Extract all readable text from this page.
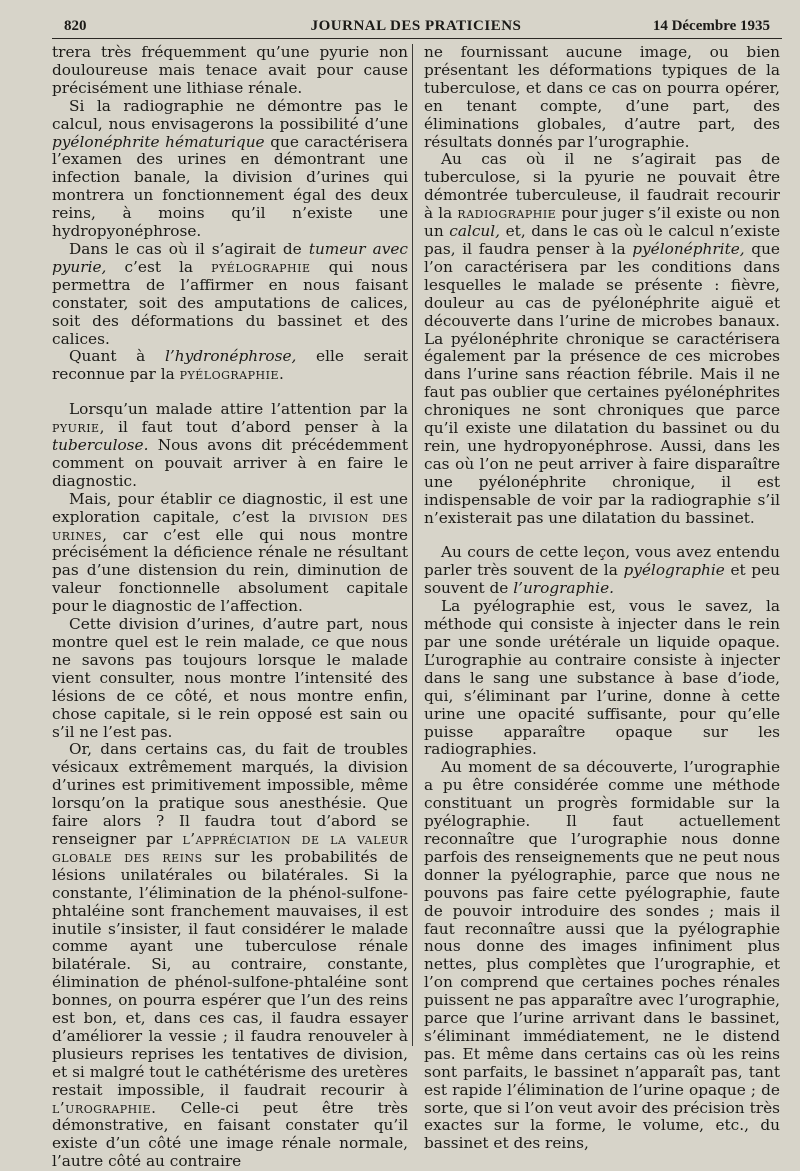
820	JOURNAL DES PRATICIENS	14 Décembre 1935

trera très fréquemment qu’une pyurie non douloureuse mais tenace avait pour cause précisément une lithiase rénale.

Si la radiographie ne démontre pas le calcul, nous envisagerons la possibilité d’une pyélonéphrite hématurique que caractérisera l’examen des urines en démontrant une infection banale, la division d’urines qui montrera un fonctionnement égal des deux reins, à moins qu’il n’existe une hydropyonéphrose.

Dans le cas où il s’agirait de tumeur avec pyurie, c’est la pyélographie qui nous permettra de l’affirmer en nous faisant constater, soit des amputations de calices, soit des déformations du bassinet et des calices.

Quant à l’hydronéphrose, elle serait reconnue par la pyélographie.

Lorsqu’un malade attire l’attention par la pyurie, il faut tout d’abord penser à la tuberculose. Nous avons dit précédemment comment on pouvait arriver à en faire le diagnostic.

Mais, pour établir ce diagnostic, il est une exploration capitale, c’est la division des urines, car c’est elle qui nous montre précisément la déficience rénale ne résultant pas d’une distension du rein, diminution de valeur fonctionnelle absolument capitale pour le diagnostic de l’affection.

Cette division d’urines, d’autre part, nous montre quel est le rein malade, ce que nous ne savons pas toujours lorsque le malade vient consulter, nous montre l’intensité des lésions de ce côté, et nous montre enfin, chose capitale, si le rein opposé est sain ou s’il ne l’est pas.

Or, dans certains cas, du fait de troubles vésicaux extrêmement marqués, la division d’urines est primitivement impossible, même lorsqu’on la pratique sous anesthésie. Que faire alors ? Il faudra tout d’abord se renseigner par l’appréciation de la valeur globale des reins sur les probabilités de lésions unilatérales ou bilatérales. Si la constante, l’élimination de la phénol-sulfone-phtaléine sont franchement mauvaises, il est inutile s’insister, il faut considérer le malade comme ayant une tuberculose rénale bilatérale. Si, au contraire, constante, élimination de phénol-sulfone-phtaléine sont bonnes, on pourra espérer que l’un des reins est bon, et, dans ces cas, il faudra essayer d’améliorer la vessie ; il faudra renouveler à plusieurs reprises les tentatives de division, et si malgré tout le cathétérisme des uretères restait impossible, il faudrait recourir à l’urographie. Celle-ci peut être très démonstrative, en faisant constater qu’il existe d’un côté une image rénale normale, l’autre côté au contraire

ne fournissant aucune image, ou bien présentant les déformations typiques de la tuberculose, et dans ce cas on pourra opérer, en tenant compte, d’une part, des éliminations globales, d’autre part, des résultats donnés par l’urographie.

Au cas où il ne s’agirait pas de tuberculose, si la pyurie ne pouvait être démontrée tuberculeuse, il faudrait recourir à la radiographie pour juger s’il existe ou non un calcul, et, dans le cas où le calcul n’existe pas, il faudra penser à la pyélonéphrite, que l’on caractérisera par les conditions dans lesquelles le malade se présente : fièvre, douleur au cas de pyélonéphrite aiguë et découverte dans l’urine de microbes banaux. La pyélonéphrite chronique se caractérisera également par la présence de ces microbes dans l’urine sans réaction fébrile. Mais il ne faut pas oublier que certaines pyélonéphrites chroniques ne sont chroniques que parce qu’il existe une dilatation du bassinet ou du rein, une hydropyonéphrose. Aussi, dans les cas où l’on ne peut arriver à faire disparaître une pyélonéphrite chronique, il est indispensable de voir par la radiographie s’il n’existerait pas une dilatation du bassinet.

Au cours de cette leçon, vous avez entendu parler très souvent de la pyélographie et peu souvent de l’urographie.

La pyélographie est, vous le savez, la méthode qui consiste à injecter dans le rein par une sonde urétérale un liquide opaque. L’urographie au contraire consiste à injecter dans le sang une substance à base d’iode, qui, s’éliminant par l’urine, donne à cette urine une opacité suffisante, pour qu’elle puisse apparaître opaque sur les radiographies.

Au moment de sa découverte, l’urographie a pu être considérée comme une méthode constituant un progrès formidable sur la pyélographie. Il faut actuellement reconnaître que l’urographie nous donne parfois des renseignements que ne peut nous donner la pyélographie, parce que nous ne pouvons pas faire cette pyélographie, faute de pouvoir introduire des sondes ; mais il faut reconnaître aussi que la pyélographie nous donne des images infiniment plus nettes, plus complètes que l’urographie, et l’on comprend que certaines poches rénales puissent ne pas apparaître avec l’urographie, parce que l’urine arrivant dans le bassinet, s’éliminant immédiatement, ne le distend pas. Et même dans certains cas où les reins sont parfaits, le bassinet n’apparaît pas, tant est rapide l’élimination de l’urine opaque ; de sorte, que si l’on veut avoir des précision très exactes sur la forme, le volume, etc., du bassinet et des reins,
